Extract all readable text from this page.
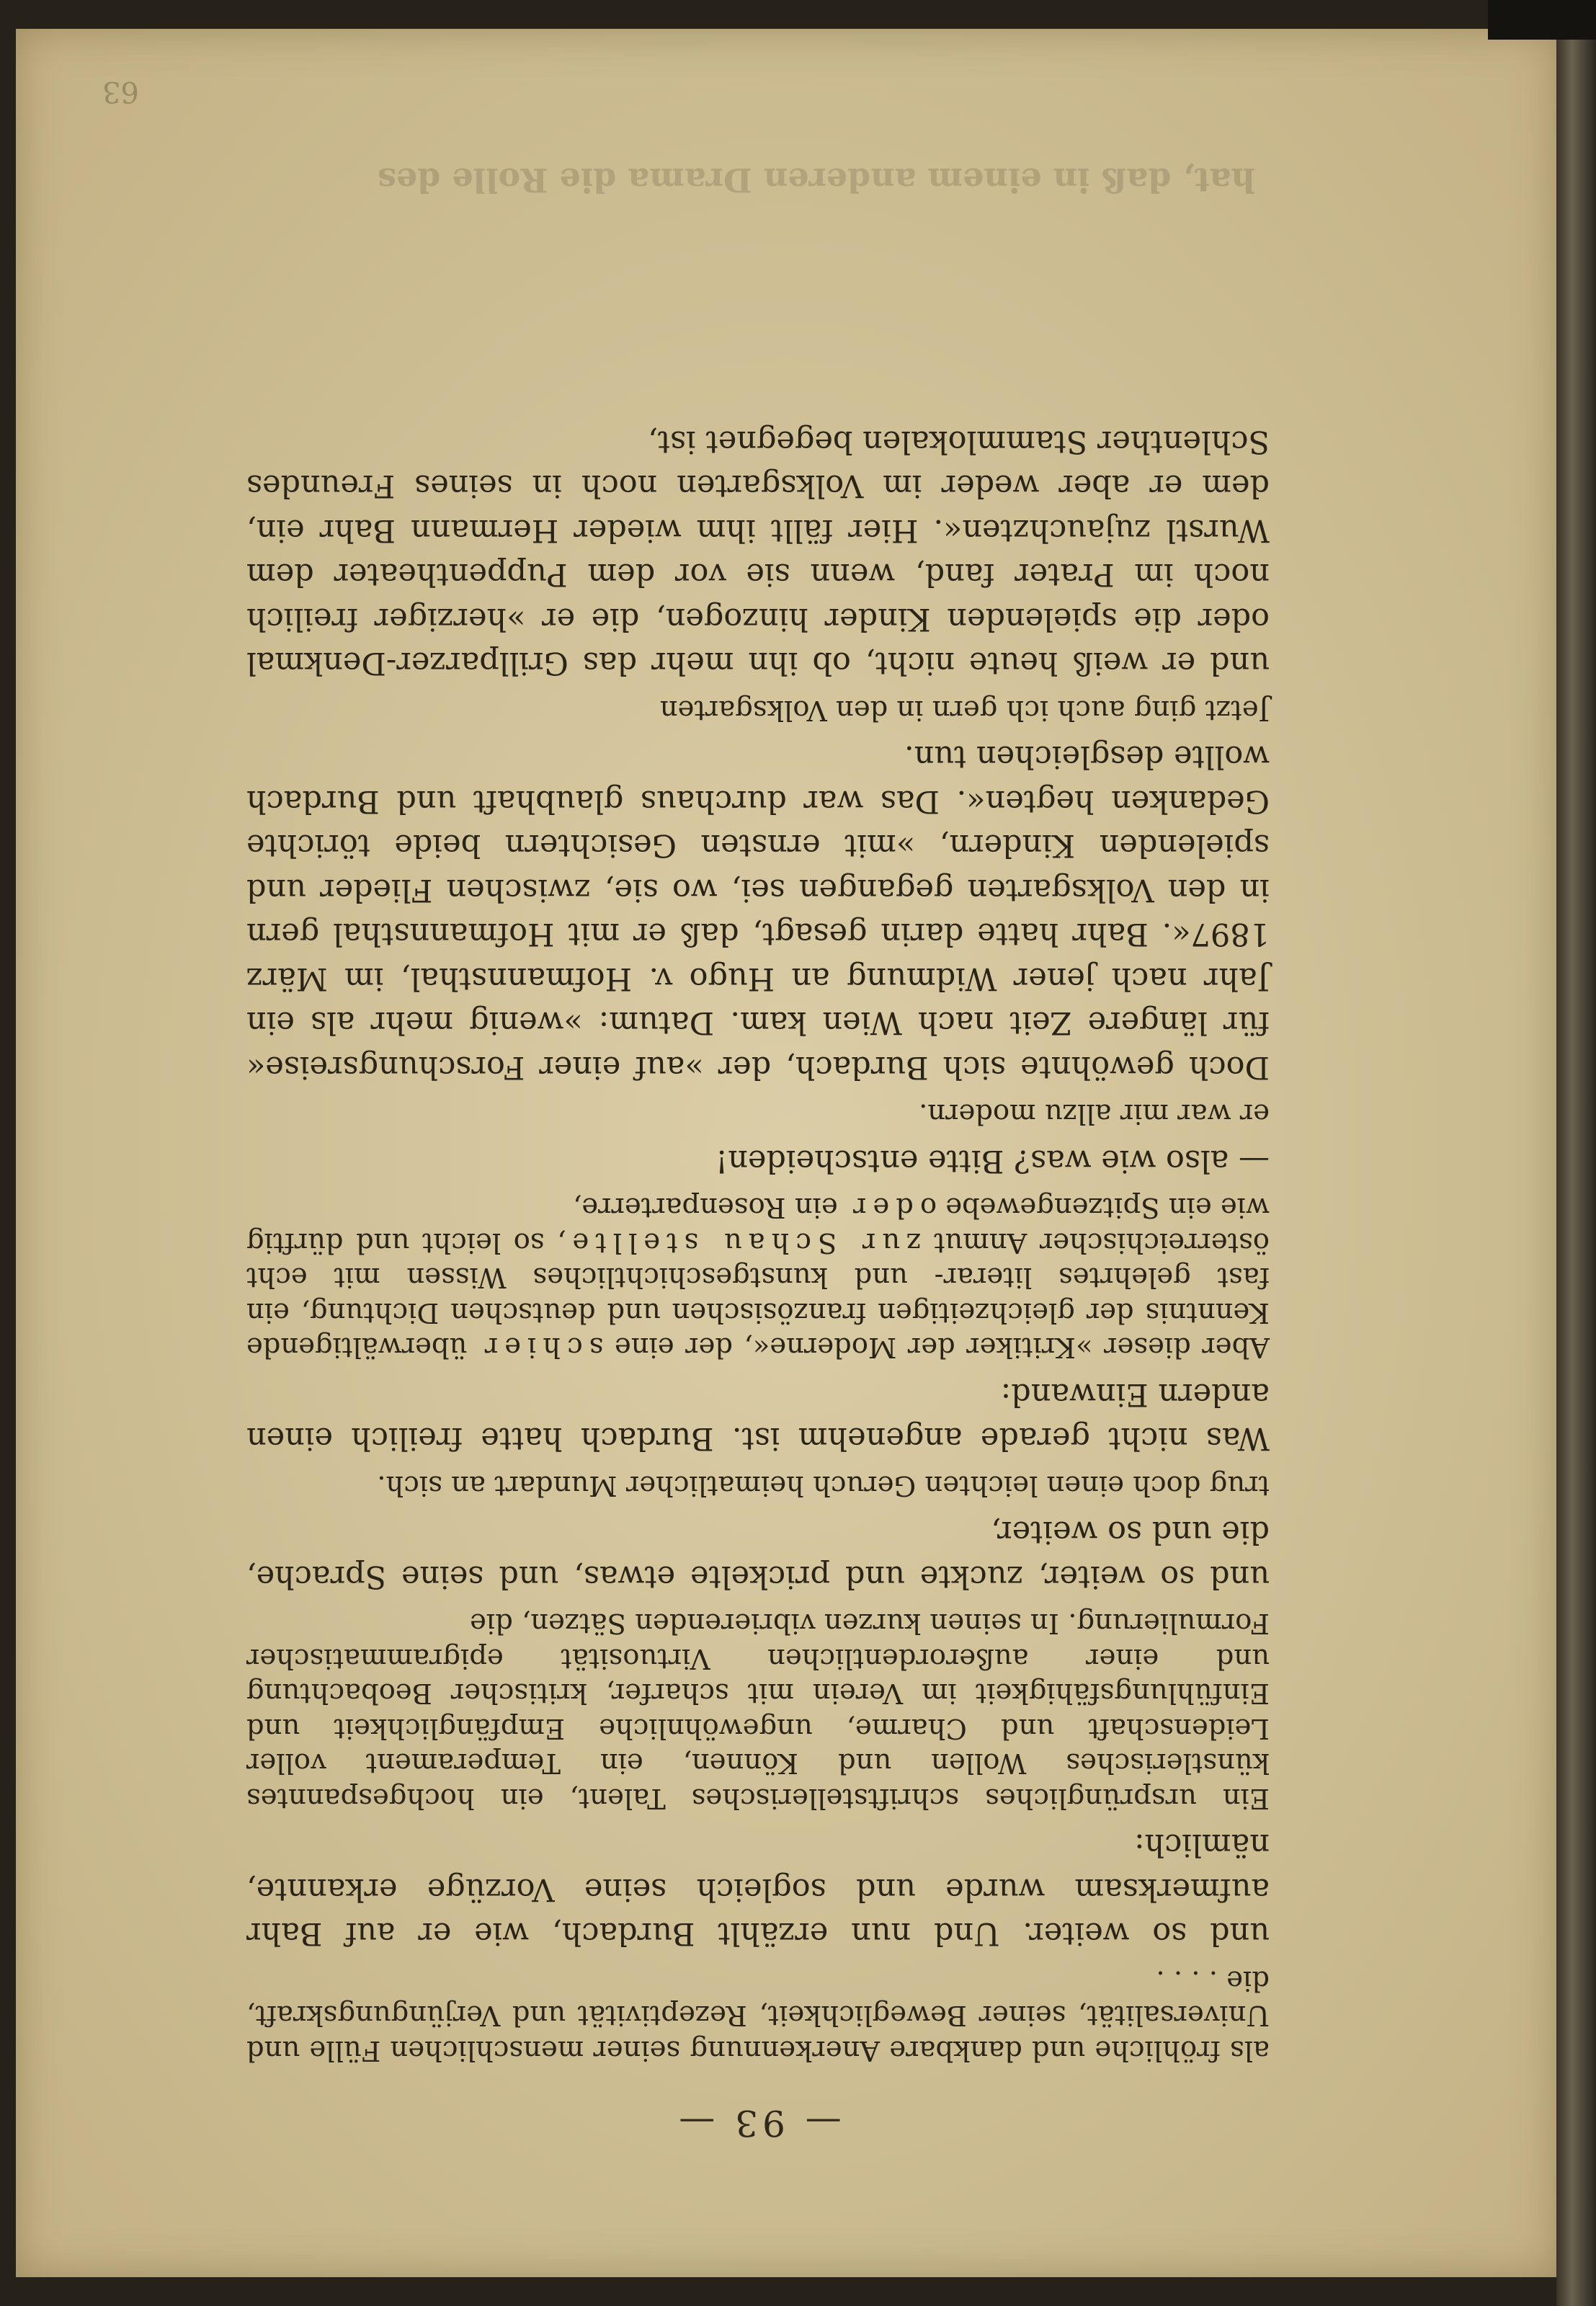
— 93 —

als fröhliche und dankbare Anerkennung seiner menschlichen Fülle und Universalität, seiner Beweglichkeit, Rezeptivität und Verjüngungskraft, die . . . .

und so weiter. Und nun erzählt Burdach, wie er auf Bahr aufmerksam wurde und sogleich seine Vorzüge erkannte, nämlich:

Ein ursprüngliches schriftstellerisches Talent, ein hochgespanntes künstlerisches Wollen und Können, ein Temperament voller Leidenschaft und Charme, ungewöhnliche Empfänglichkeit und Einfühlungsfähigkeit im Verein mit scharfer, kritischer Beobachtung und einer außerordentlichen Virtuosität epigrammatischer Formulierung. In seinen kurzen vibrierenden Sätzen, die

und so weiter, zuckte und prickelte etwas, und seine Sprache, die und so weiter,

trug doch einen leichten Geruch heimatlicher Mundart an sich.

Was nicht gerade angenehm ist. Burdach hatte freilich einen andern Einwand:

Aber dieser »Kritiker der Moderne«, der eine schier überwältigende Kenntnis der gleichzeitigen französischen und deutschen Dichtung, ein fast gelehrtes literar- und kunstgeschichtliches Wissen mit echt österreichischer Anmut zur Schau stellte, so leicht und dürftig wie ein Spitzengewebe oder ein Rosenparterre,

— also wie was? Bitte entscheiden!

er war mir allzu modern.

Doch gewöhnte sich Burdach, der »auf einer Forschungsreise« für längere Zeit nach Wien kam. Datum: »wenig mehr als ein Jahr nach jener Widmung an Hugo v. Hofmannsthal, im März 1897«. Bahr hatte darin gesagt, daß er mit Hofmannsthal gern in den Volksgarten gegangen sei, wo sie, zwischen Flieder und spielenden Kindern, »mit ernsten Gesichtern beide törichte Gedanken hegten«. Das war durchaus glaubhaft und Burdach wollte desgleichen tun.

Jetzt ging auch ich gern in den Volksgarten

und er weiß heute nicht, ob ihn mehr das Grillparzer-Denkmal oder die spielenden Kinder hinzogen, die er »herziger freilich noch im Prater fand, wenn sie vor dem Puppentheater dem Wurstl zujauchzten«. Hier fällt ihm wieder Hermann Bahr ein, dem er aber weder im Volksgarten noch in seines Freundes Schlenther Stammlokalen begegnet ist,

hat, daß in einem anderen Drama die Rolle des
63
